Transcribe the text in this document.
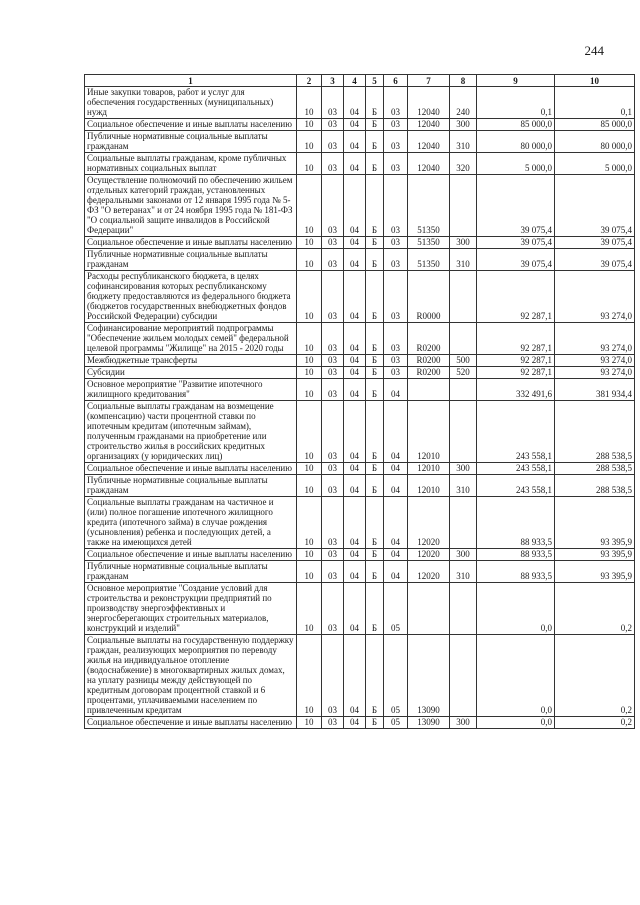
244
1	2	3	4	5	6	7	8	9	10
Иные закупки товаров, работ и услуг для обеспечения государственных (муниципальных) нужд	10	03	04	Б	03	12040	240	0,1	0,1
Социальное обеспечение и иные выплаты населению	10	03	04	Б	03	12040	300	85 000,0	85 000,0
Публичные нормативные социальные выплаты гражданам	10	03	04	Б	03	12040	310	80 000,0	80 000,0
Социальные выплаты гражданам, кроме публичных нормативных социальных выплат	10	03	04	Б	03	12040	320	5 000,0	5 000,0
Осуществление полномочий по обеспечению жильем отдельных категорий граждан, установленных федеральными законами от 12 января 1995 года № 5-ФЗ "О ветеранах" и от 24 ноября 1995 года № 181-ФЗ "О социальной защите инвалидов в Российской Федерации"	10	03	04	Б	03	51350		39 075,4	39 075,4
Социальное обеспечение и иные выплаты населению	10	03	04	Б	03	51350	300	39 075,4	39 075,4
Публичные нормативные социальные выплаты гражданам	10	03	04	Б	03	51350	310	39 075,4	39 075,4
Расходы республиканского бюджета, в целях софинансирования которых республиканскому бюджету предоставляются из федерального бюджета (бюджетов государственных внебюджетных фондов Российской Федерации) субсидии	10	03	04	Б	03	R0000		92 287,1	93 274,0
Софинансирование мероприятий подпрограммы "Обеспечение жильем молодых семей" федеральной целевой программы "Жилище" на 2015 - 2020 годы	10	03	04	Б	03	R0200		92 287,1	93 274,0
Межбюджетные трансферты	10	03	04	Б	03	R0200	500	92 287,1	93 274,0
Субсидии	10	03	04	Б	03	R0200	520	92 287,1	93 274,0
Основное мероприятие "Развитие ипотечного жилищного кредитования"	10	03	04	Б	04			332 491,6	381 934,4
Социальные выплаты гражданам на возмещение (компенсацию) части процентной ставки по ипотечным кредитам (ипотечным займам), полученным гражданами на приобретение или строительство жилья в российских кредитных организациях (у юридических лиц)	10	03	04	Б	04	12010		243 558,1	288 538,5
Социальное обеспечение и иные выплаты населению	10	03	04	Б	04	12010	300	243 558,1	288 538,5
Публичные нормативные социальные выплаты гражданам	10	03	04	Б	04	12010	310	243 558,1	288 538,5
Социальные выплаты гражданам на частичное и (или) полное погашение ипотечного жилищного кредита (ипотечного займа) в случае рождения (усыновления) ребенка и последующих детей, а также на имеющихся детей	10	03	04	Б	04	12020		88 933,5	93 395,9
Социальное обеспечение и иные выплаты населению	10	03	04	Б	04	12020	300	88 933,5	93 395,9
Публичные нормативные социальные выплаты гражданам	10	03	04	Б	04	12020	310	88 933,5	93 395,9
Основное мероприятие "Создание условий для строительства и реконструкции предприятий по производству энергоэффективных и энергосберегающих строительных материалов, конструкций и изделий"	10	03	04	Б	05			0,0	0,2
Социальные выплаты на государственную поддержку граждан, реализующих мероприятия по переводу жилья на индивидуальное отопление (водоснабжение) в многоквартирных жилых домах, на уплату разницы между действующей по кредитным договорам процентной ставкой и 6 процентами, уплачиваемыми населением по привлеченным кредитам	10	03	04	Б	05	13090		0,0	0,2
Социальное обеспечение и иные выплаты населению	10	03	04	Б	05	13090	300	0,0	0,2
